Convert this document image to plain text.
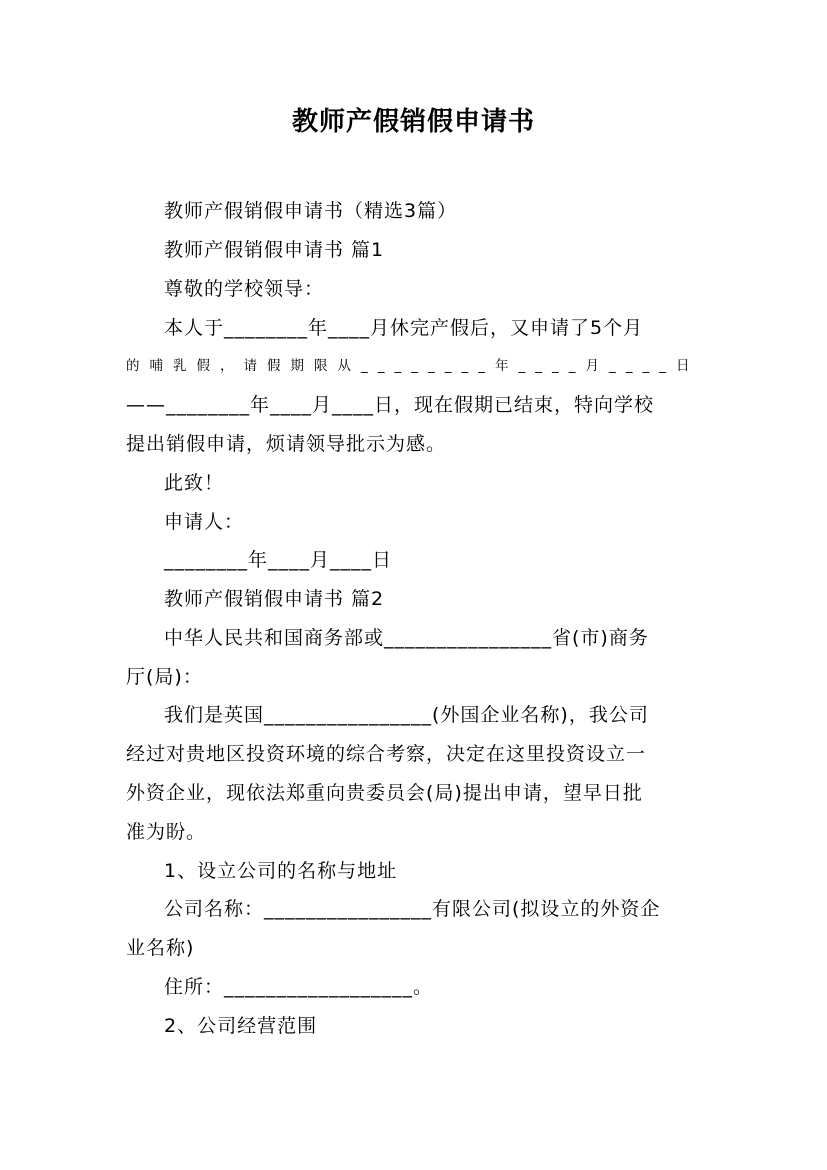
教师产假销假申请书
教师产假销假申请书（精选3篇）
教师产假销假申请书 篇1
尊敬的学校领导：
本人于________年____月休完产假后，又申请了5个月
的哺乳假，请假期限从________年____月____日
——________年____月____日，现在假期已结束，特向学校
提出销假申请，烦请领导批示为感。
此致！
申请人：
________年____月____日
教师产假销假申请书 篇2
中华人民共和国商务部或________________省(市)商务
厅(局)：
我们是英国________________(外国企业名称)，我公司
经过对贵地区投资环境的综合考察，决定在这里投资设立一
外资企业，现依法郑重向贵委员会(局)提出申请，望早日批
准为盼。
1、设立公司的名称与地址
公司名称：________________有限公司(拟设立的外资企
业名称)
住所：__________________。
2、公司经营范围
